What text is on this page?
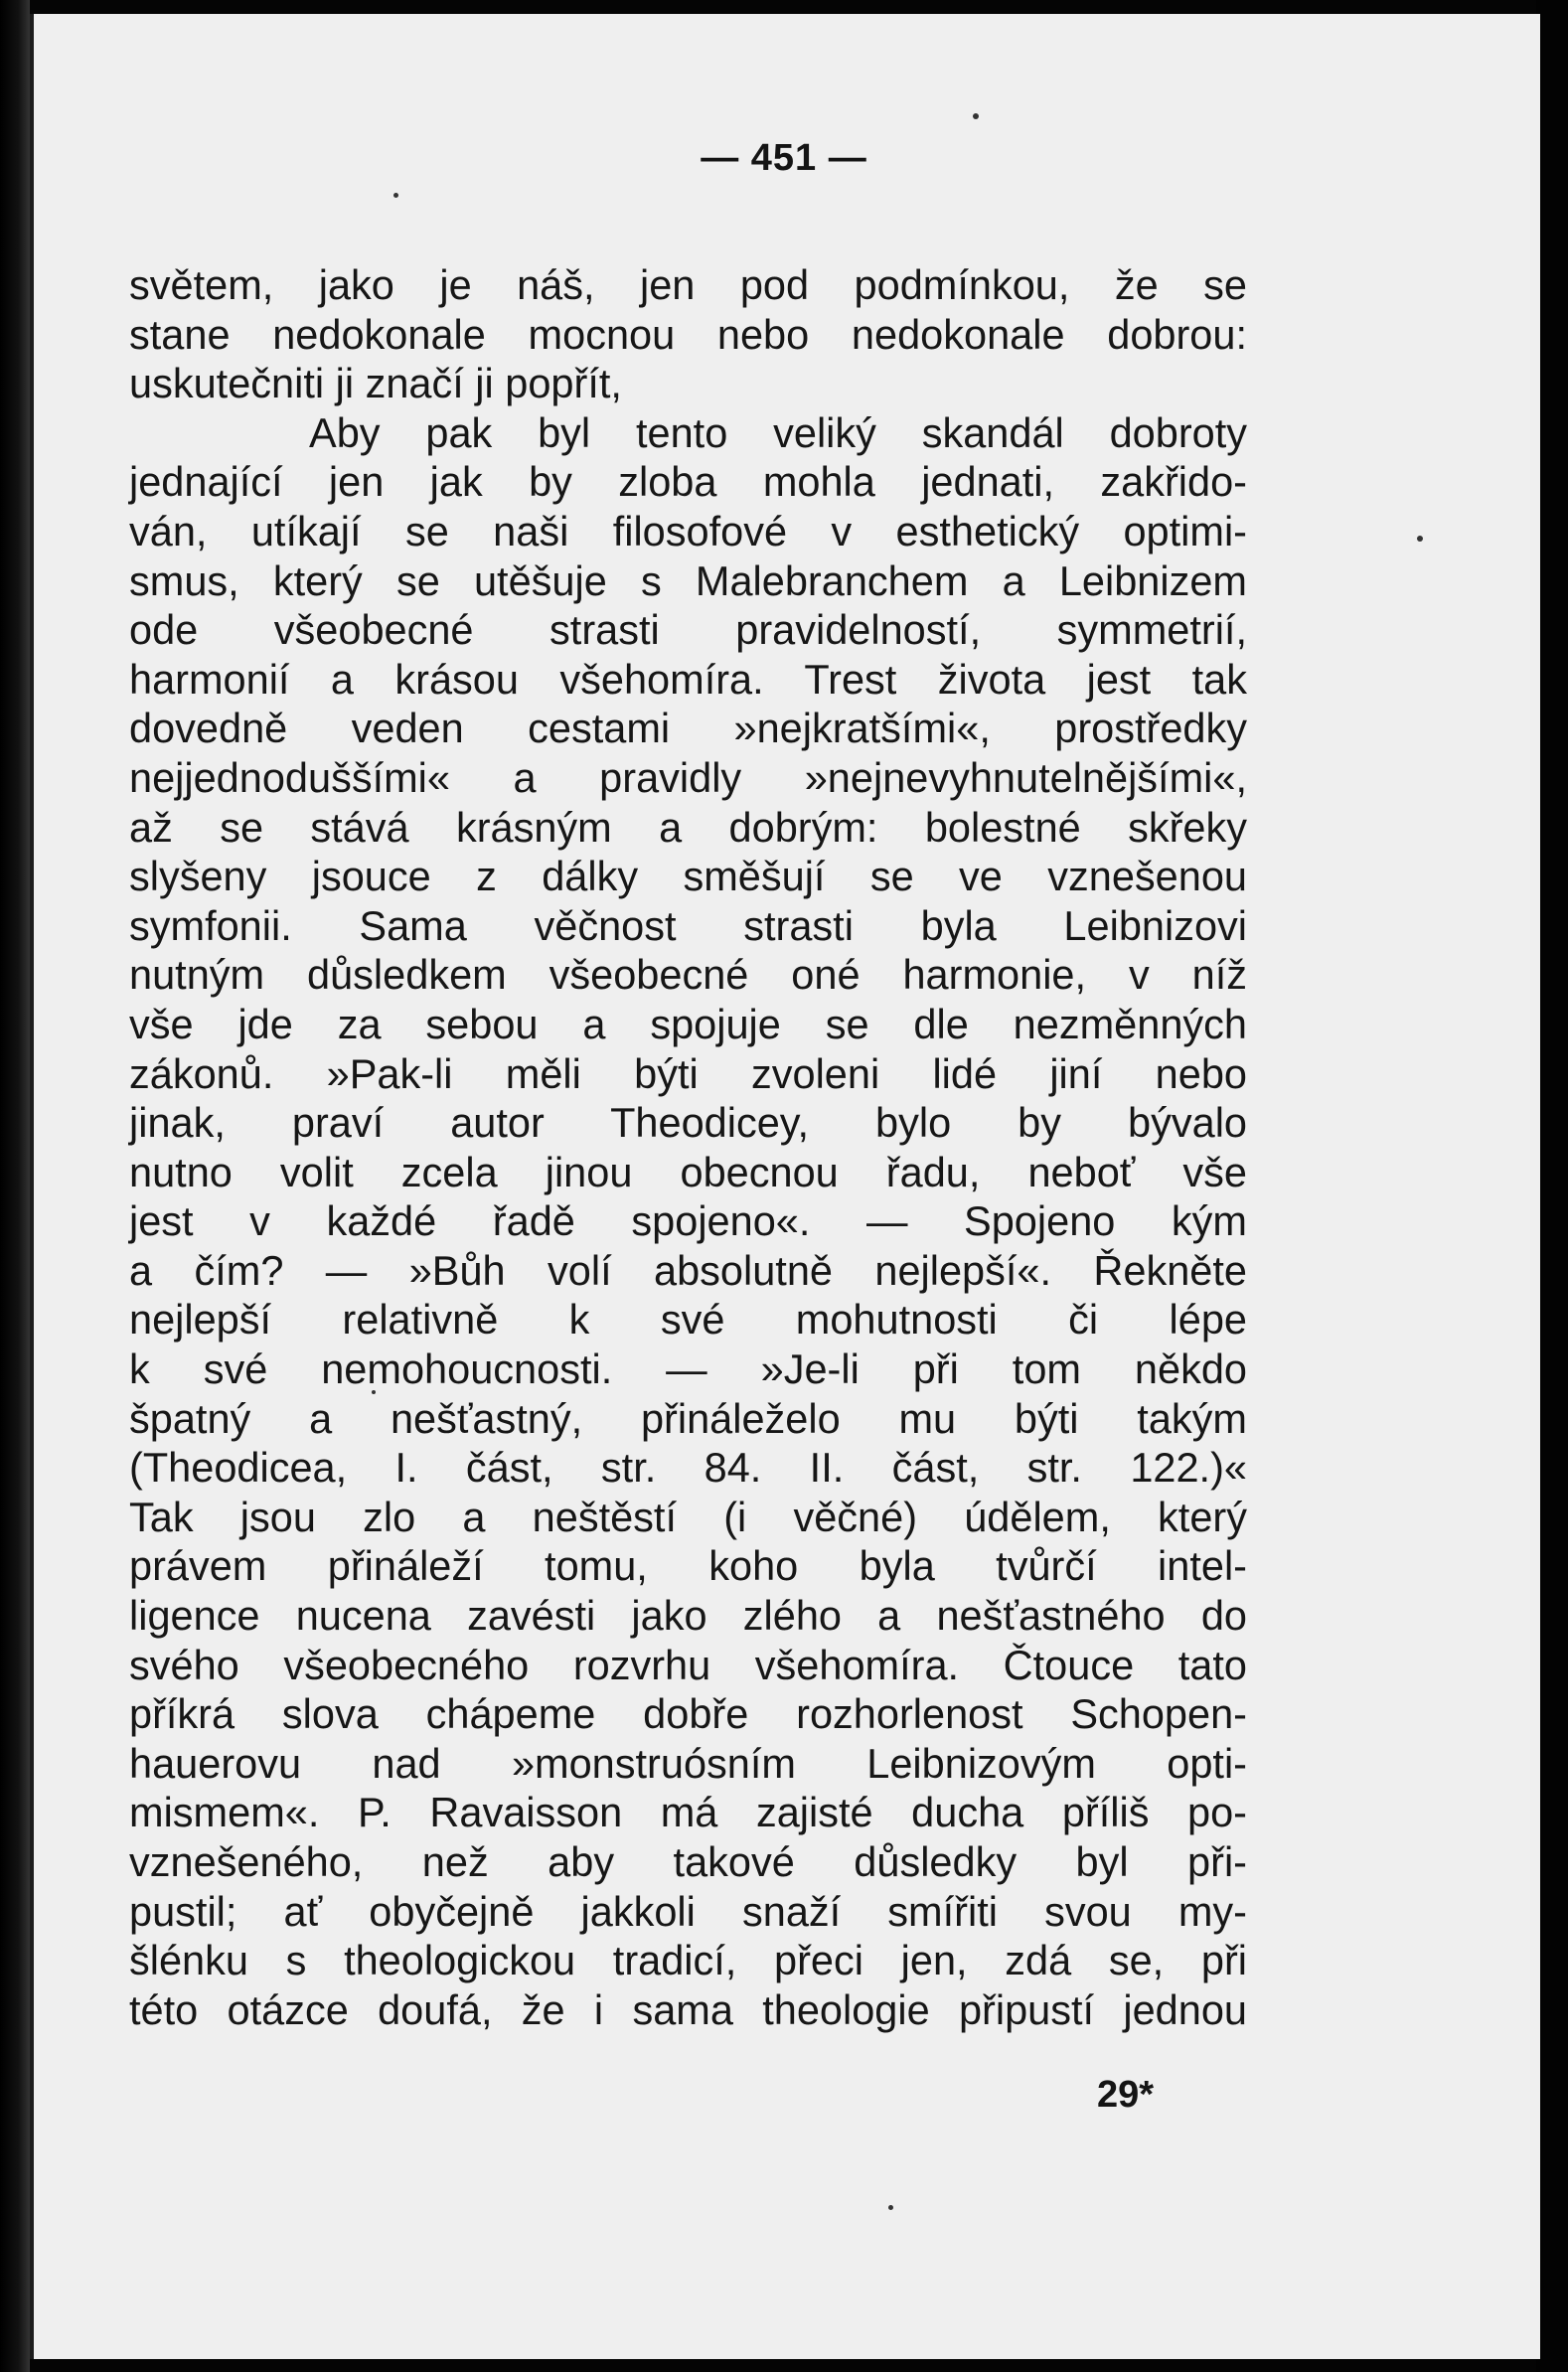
— 451 —
světem, jako je náš, jen pod podmínkou, že se
stane nedokonale mocnou nebo nedokonale dobrou:
uskutečniti ji značí ji popřít,
Aby pak byl tento veliký skandál dobroty
jednající jen jak by zloba mohla jednati, zakřido-
ván, utíkají se naši filosofové v esthetický optimi-
smus, který se utěšuje s Malebranchem a Leibnizem
ode všeobecné strasti pravidelností, symmetrií,
harmonií a krásou všehomíra. Trest života jest tak
dovedně veden cestami »nejkratšími«, prostředky
nejjednoduššími« a pravidly »nejnevyhnutelnějšími«,
až se stává krásným a dobrým: bolestné skřeky
slyšeny jsouce z dálky směšují se ve vznešenou
symfonii. Sama věčnost strasti byla Leibnizovi
nutným důsledkem všeobecné oné harmonie, v níž
vše jde za sebou a spojuje se dle nezměnných
zákonů. »Pak-li měli býti zvoleni lidé jiní nebo
jinak, praví autor Theodicey, bylo by bývalo
nutno volit zcela jinou obecnou řadu, neboť vše
jest v každé řadě spojeno«. — Spojeno kým
a čím? — »Bůh volí absolutně nejlepší«. Řekněte
nejlepší relativně k své mohutnosti či lépe
k své nemohoucnosti. — »Je-li při tom někdo
špatný a nešťastný, přináleželo mu býti takým
(Theodicea, I. část, str. 84. II. část, str. 122.)«
Tak jsou zlo a neštěstí (i věčné) údělem, který
právem přináleží tomu, koho byla tvůrčí intel-
ligence nucena zavésti jako zlého a nešťastného do
svého všeobecného rozvrhu všehomíra. Čtouce tato
příkrá slova chápeme dobře rozhorlenost Schopen-
hauerovu nad »monstruósním Leibnizovým opti-
mismem«. P. Ravaisson má zajisté ducha příliš po-
vznešeného, než aby takové důsledky byl při-
pustil; ať obyčejně jakkoli snaží smířiti svou my-
šlénku s theologickou tradicí, přeci jen, zdá se, při
této otázce doufá, že i sama theologie připustí jednou
29*
